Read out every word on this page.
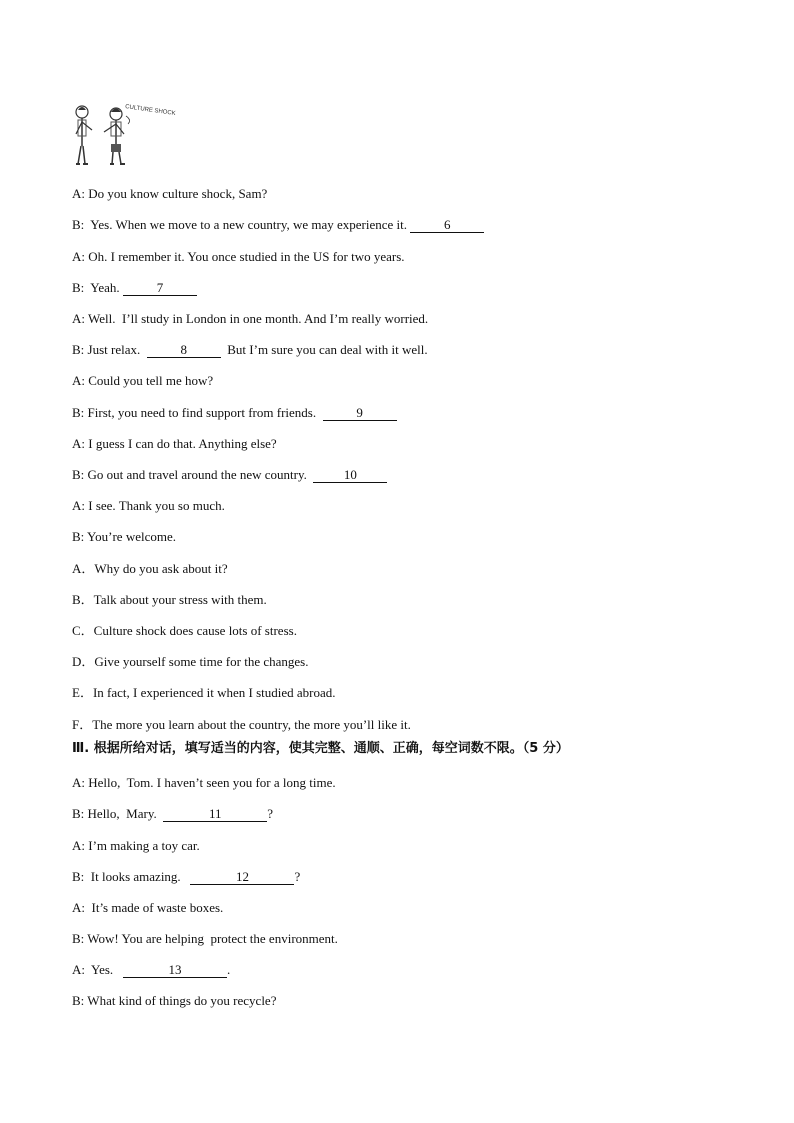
CULTURE SHOCK
A: Do you know culture shock, Sam?
B:  Yes. When we move to a new country, we may experience it.	6
A: Oh. I remember it. You once studied in the US for two years.
B:  Yeah.	7
A: Well.  I’ll study in London in one month. And I’m really worried.
B: Just relax.	8	But I’m sure you can deal with it well.
A: Could you tell me how?
B: First, you need to find support from friends.	9
A: I guess I can do that. Anything else?
B: Go out and travel around the new country.  10
A: I see. Thank you so much.
B: You’re welcome.
A．Why do you ask about it?
B．Talk about your stress with them.
C．Culture shock does cause lots of stress.
D．Give yourself some time for the changes.
E．In fact, I experienced it when I studied abroad.
F．The more you learn about the country, the more you’ll like it.
Ⅲ. 根据所给对话，填写适当的内容，使其完整、通顺、正确，每空词数不限。（5 分）
A: Hello,  Tom. I haven’t seen you for a long time.
B: Hello,  Mary.	11	?
A: I’m making a toy car.
B:  It looks amazing.	12	?
A:  It’s made of waste boxes.
B: Wow! You are helping  protect the environment.
A:  Yes.	13	.
B: What kind of things do you recycle?
